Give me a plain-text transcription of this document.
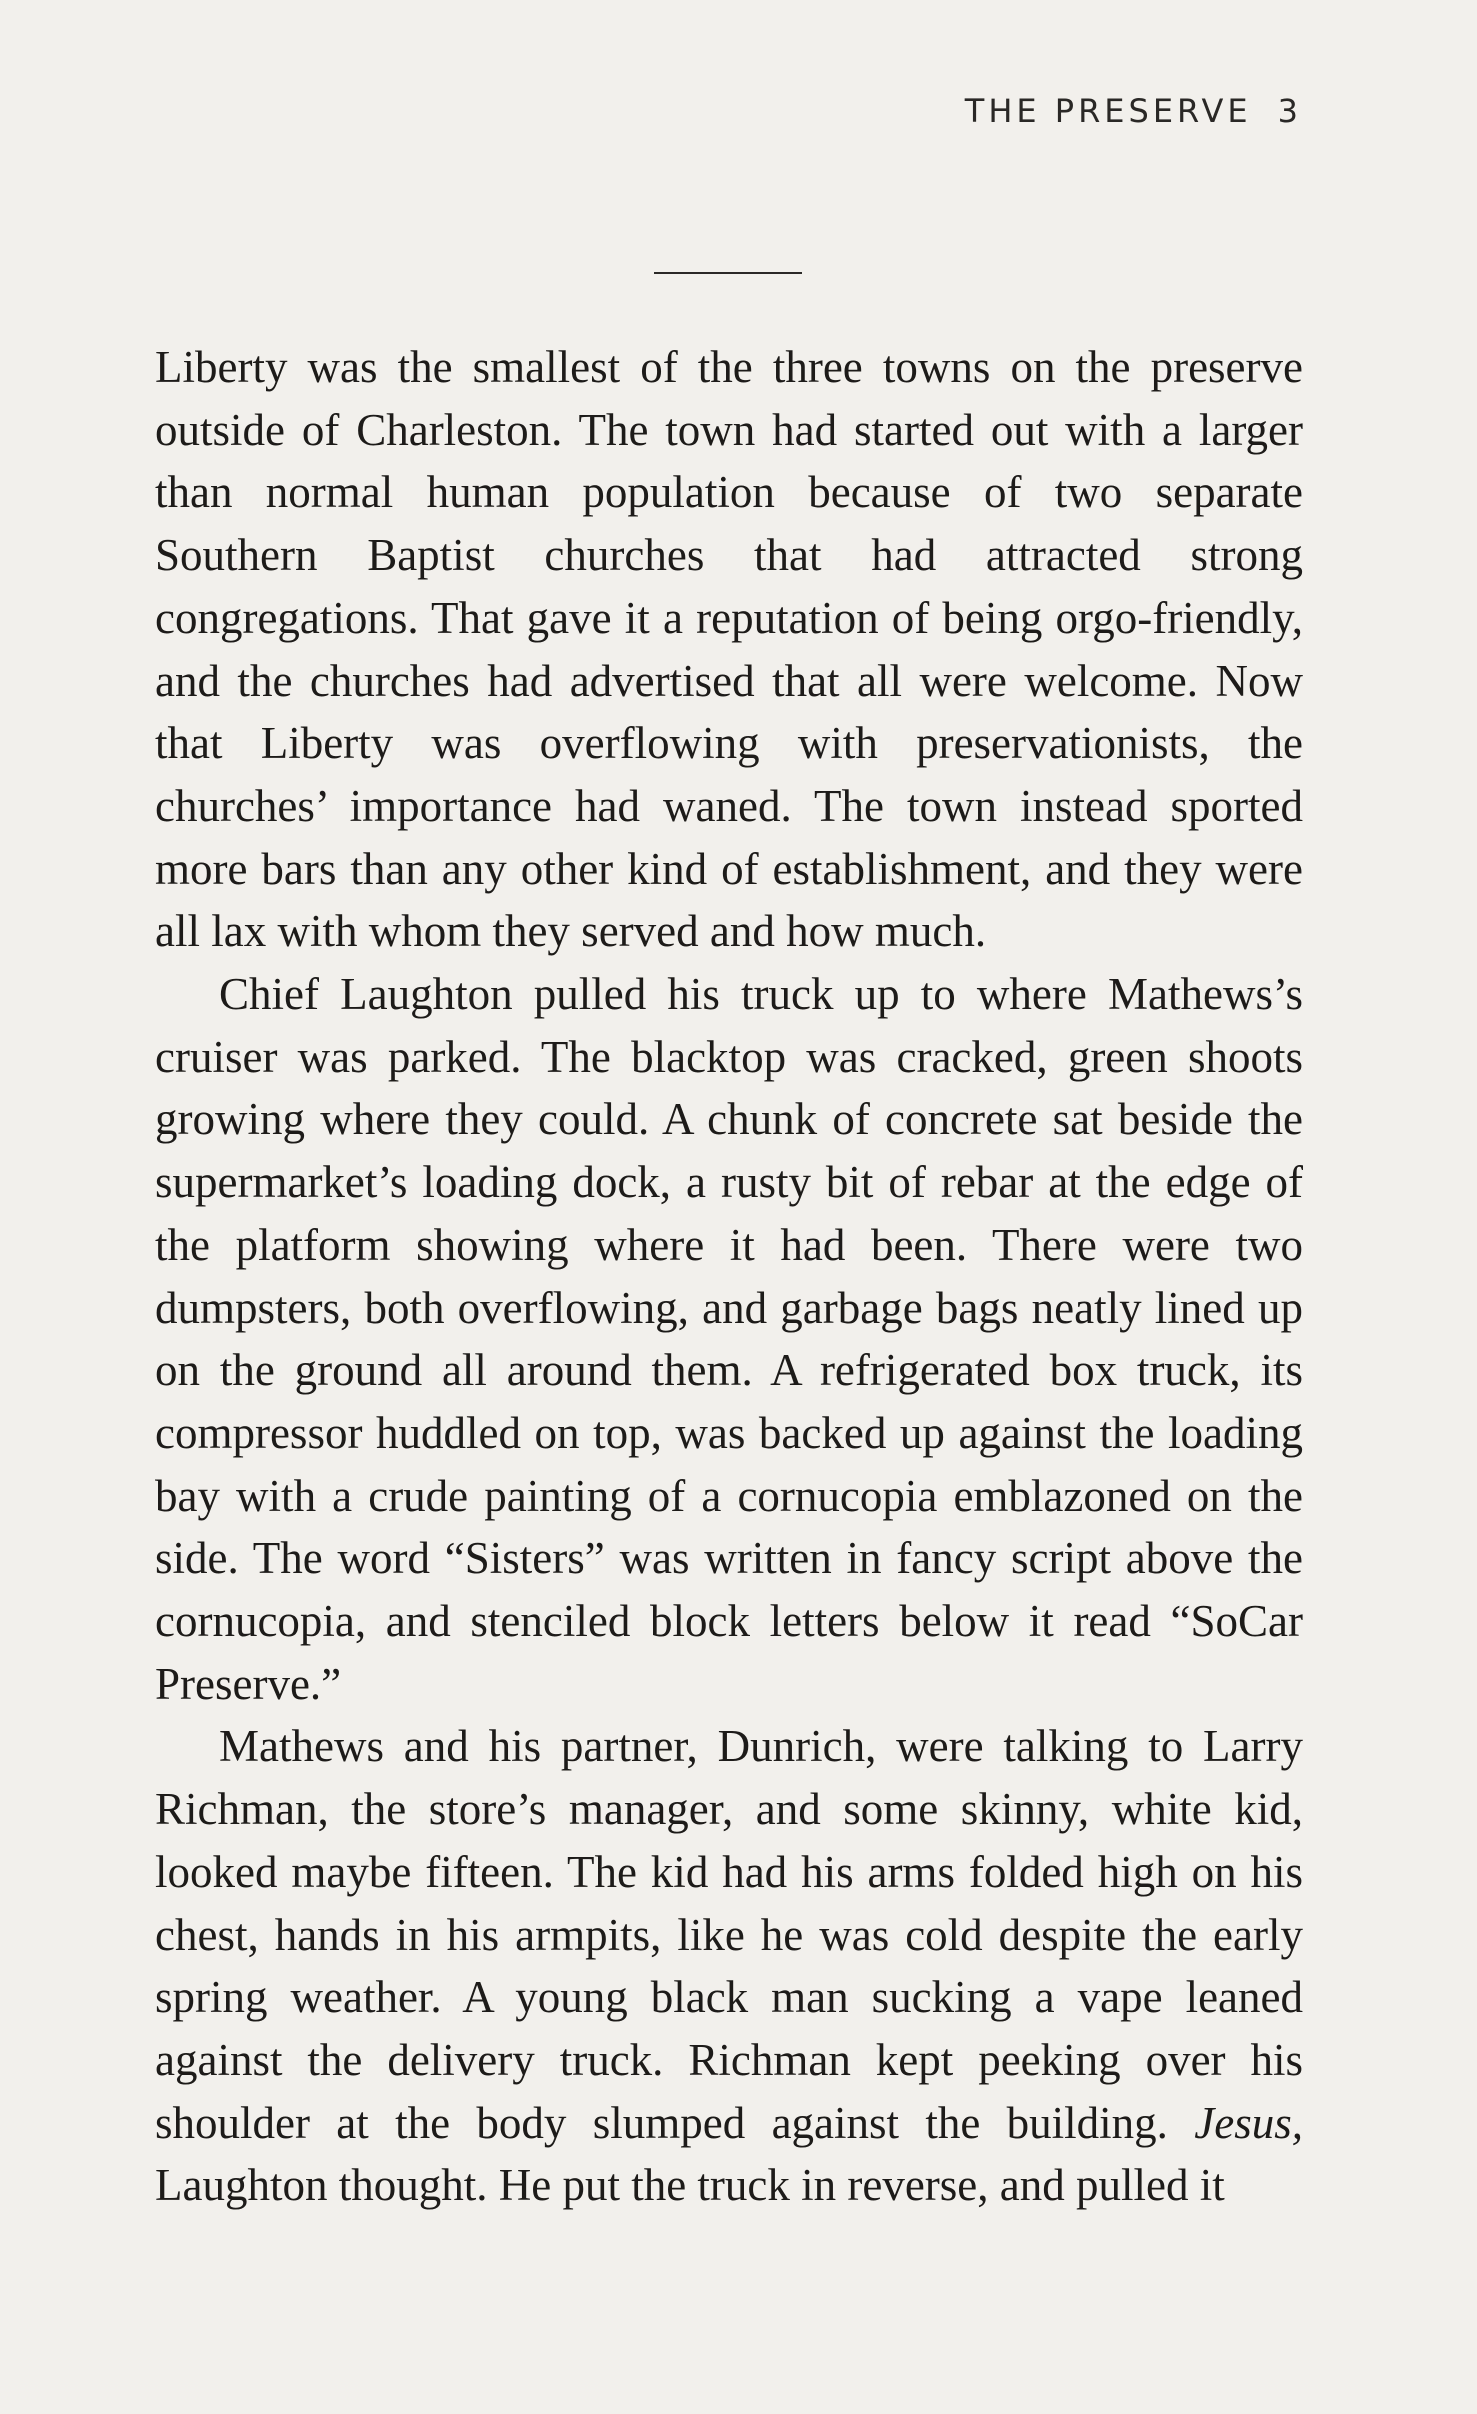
THE PRESERVE 3

Liberty was the smallest of the three towns on the preserve outside of Charleston. The town had started out with a larger than normal human population because of two separate Southern Baptist churches that had attracted strong congregations. That gave it a reputation of being orgo-friendly, and the churches had advertised that all were welcome. Now that Liberty was overflowing with preservationists, the churches’ importance had waned. The town instead sported more bars than any other kind of establishment, and they were all lax with whom they served and how much.

Chief Laughton pulled his truck up to where Mathews’s cruiser was parked. The blacktop was cracked, green shoots growing where they could. A chunk of concrete sat beside the supermarket’s loading dock, a rusty bit of rebar at the edge of the platform showing where it had been. There were two dumpsters, both overflowing, and garbage bags neatly lined up on the ground all around them. A refrigerated box truck, its compressor huddled on top, was backed up against the loading bay with a crude painting of a cornucopia emblazoned on the side. The word “Sisters” was written in fancy script above the cornucopia, and stenciled block letters below it read “SoCar Preserve.”

Mathews and his partner, Dunrich, were talking to Larry Richman, the store’s manager, and some skinny, white kid, looked maybe fifteen. The kid had his arms folded high on his chest, hands in his armpits, like he was cold despite the early spring weather. A young black man sucking a vape leaned against the delivery truck. Richman kept peeking over his shoulder at the body slumped against the building. Jesus, Laughton thought. He put the truck in reverse, and pulled it
